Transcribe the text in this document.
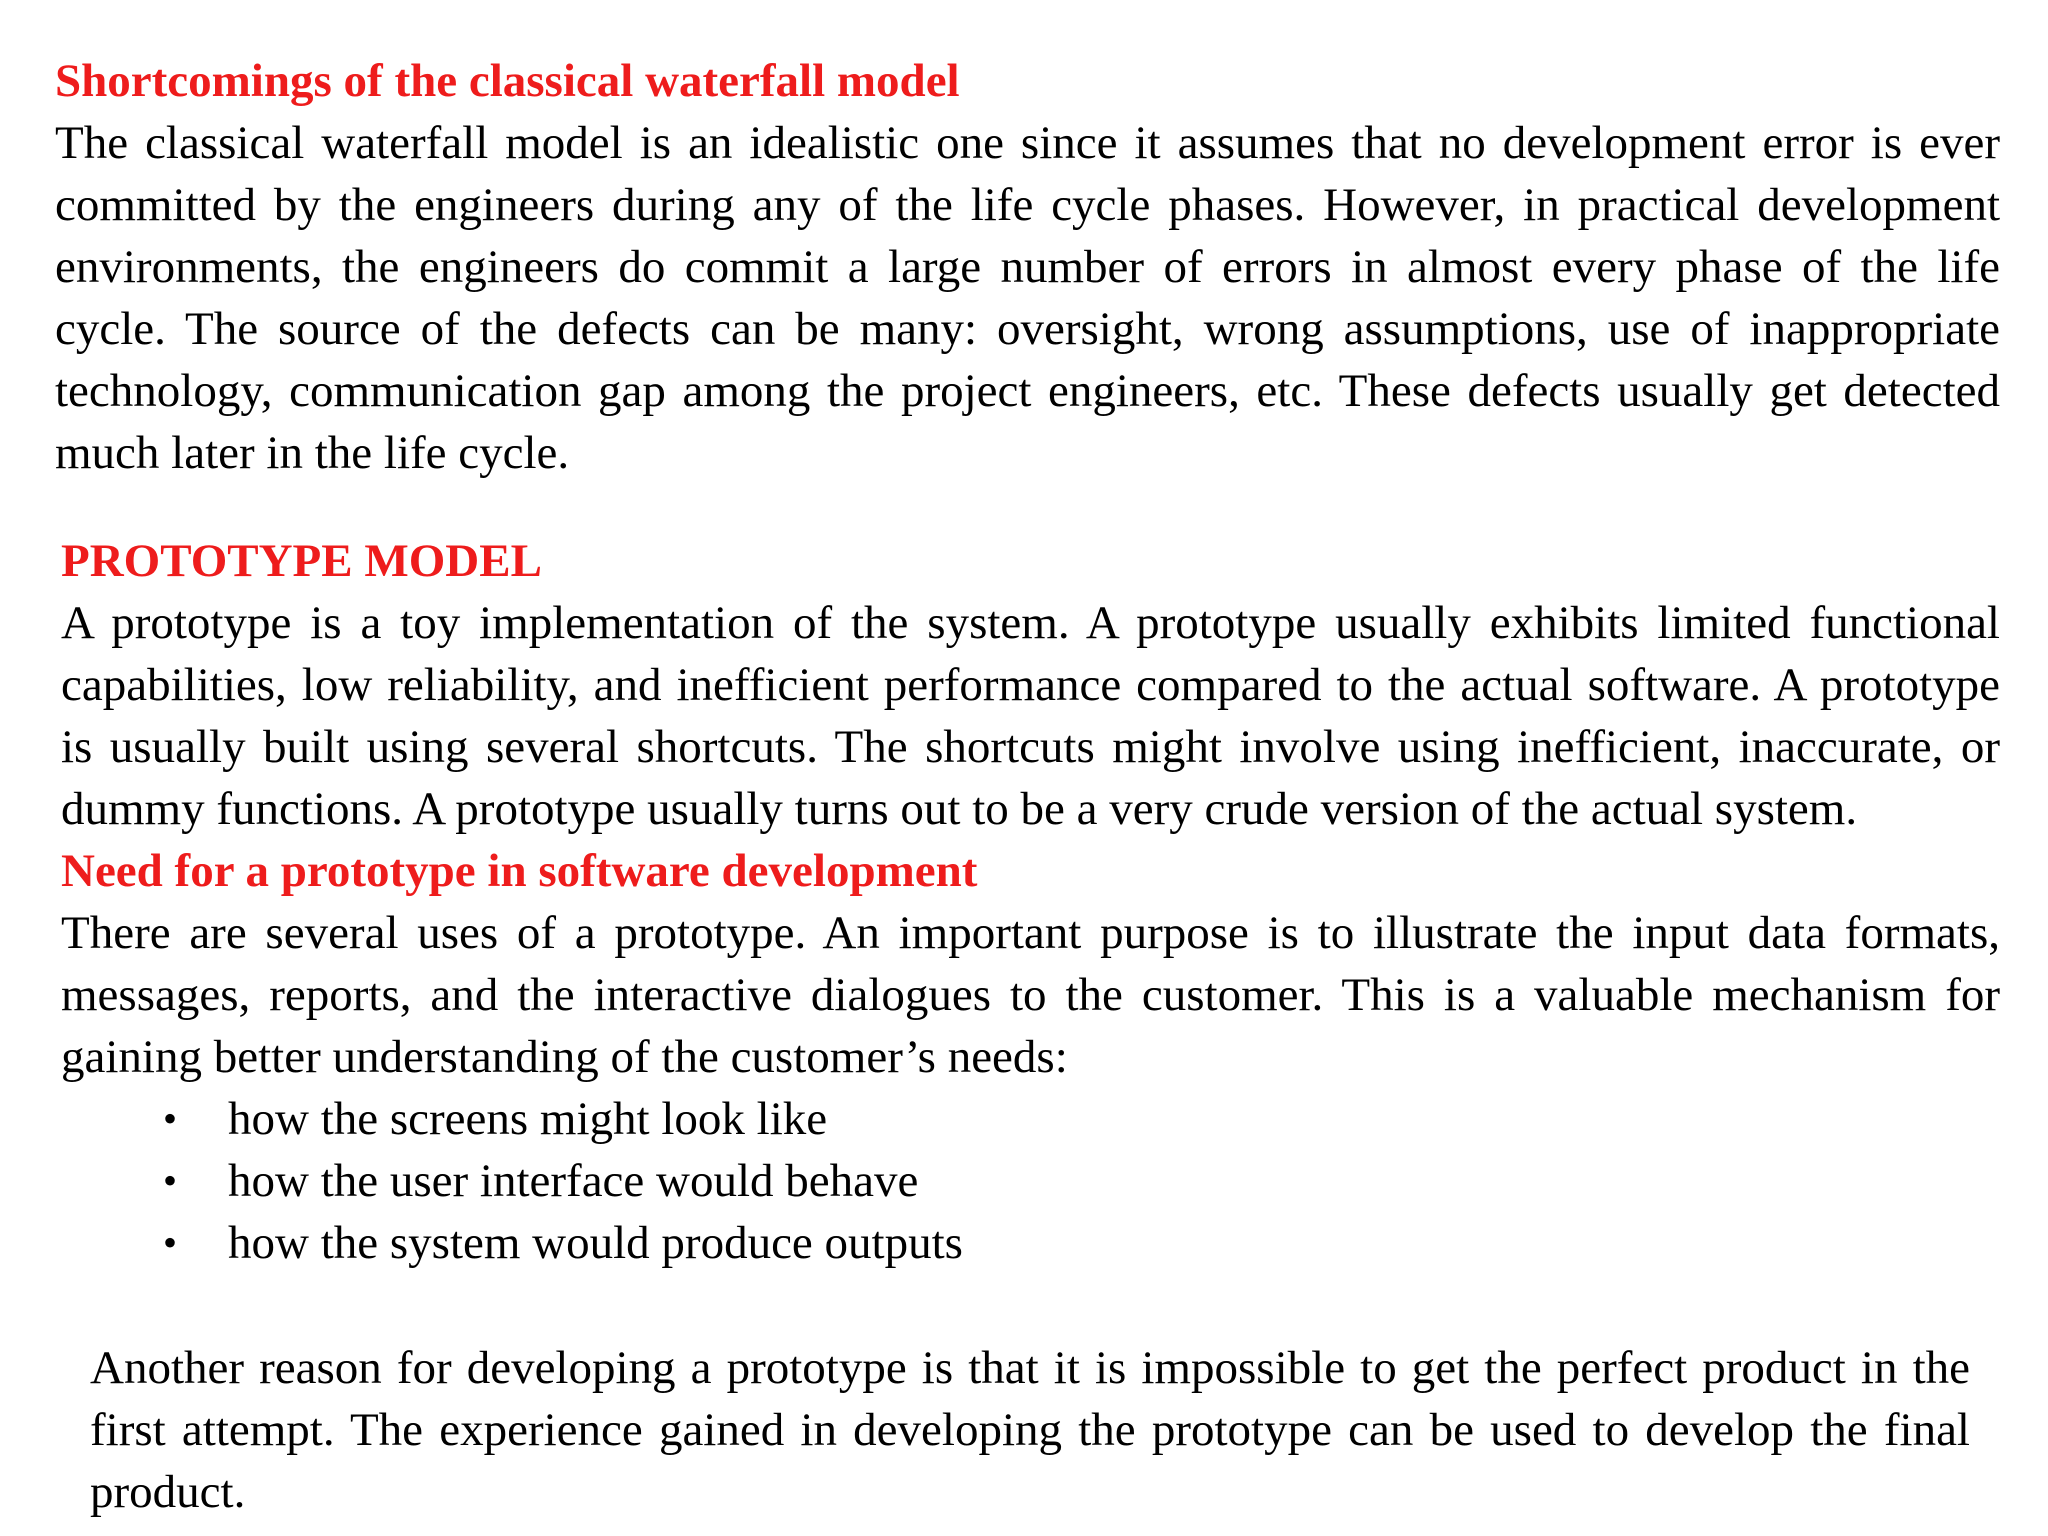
Shortcomings of the classical waterfall model

The classical waterfall model is an idealistic one since it assumes that no development error is ever committed by the engineers during any of the life cycle phases. However, in practical development environments, the engineers do commit a large number of errors in almost every phase of the life cycle. The source of the defects can be many: oversight, wrong assumptions, use of inappropriate technology, communication gap among the project engineers, etc. These defects usually get detected much later in the life cycle.

PROTOTYPE MODEL

A prototype is a toy implementation of the system. A prototype usually exhibits limited functional capabilities, low reliability, and inefficient performance compared to the actual software. A prototype is usually built using several shortcuts. The shortcuts might involve using inefficient, inaccurate, or dummy functions. A prototype usually turns out to be a very crude version of the actual system.

Need for a prototype in software development

There are several uses of a prototype. An important purpose is to illustrate the input data formats, messages, reports, and the interactive dialogues to the customer. This is a valuable mechanism for gaining better understanding of the customer’s needs:

• how the screens might look like
• how the user interface would behave
• how the system would produce outputs

Another reason for developing a prototype is that it is impossible to get the perfect product in the first attempt. The experience gained in developing the prototype can be used to develop the final product.
